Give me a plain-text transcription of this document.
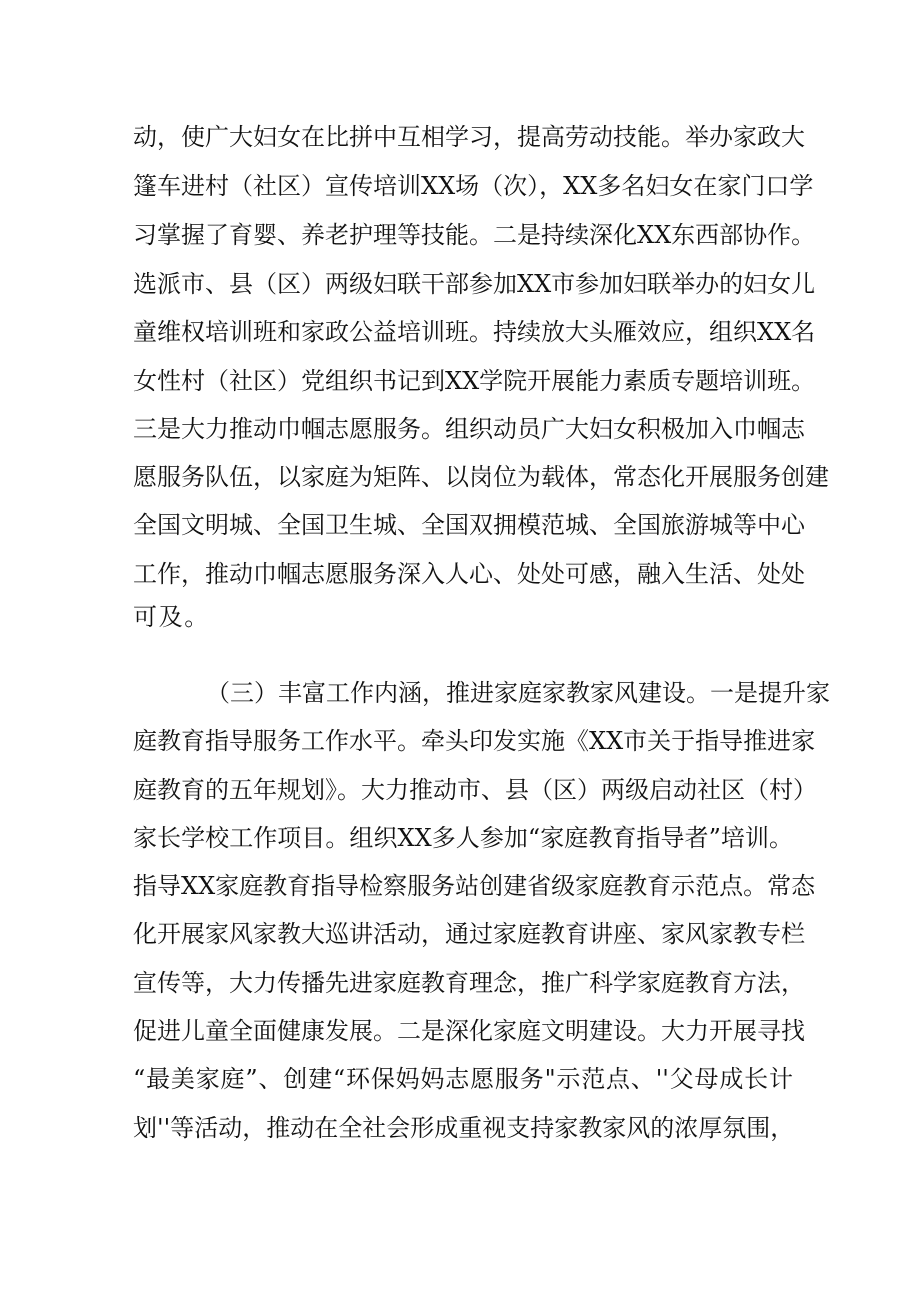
动，使广大妇女在比拼中互相学习，提高劳动技能。举办家政大
篷车进村（社区）宣传培训XX场（次），XX多名妇女在家门口学
习掌握了育婴、养老护理等技能。二是持续深化XX东西部协作。
选派市、县（区）两级妇联干部参加XX市参加妇联举办的妇女儿
童维权培训班和家政公益培训班。持续放大头雁效应，组织XX名
女性村（社区）党组织书记到XX学院开展能力素质专题培训班。
三是大力推动巾帼志愿服务。组织动员广大妇女积极加入巾帼志
愿服务队伍，以家庭为矩阵、以岗位为载体，常态化开展服务创建
全国文明城、全国卫生城、全国双拥模范城、全国旅游城等中心
工作，推动巾帼志愿服务深入人心、处处可感，融入生活、处处
可及。
（三）丰富工作内涵，推进家庭家教家风建设。一是提升家
庭教育指导服务工作水平。牵头印发实施《XX市关于指导推进家
庭教育的五年规划》。大力推动市、县（区）两级启动社区（村）
家长学校工作项目。组织XX多人参加“家庭教育指导者”培训。
指导XX家庭教育指导检察服务站创建省级家庭教育示范点。常态
化开展家风家教大巡讲活动，通过家庭教育讲座、家风家教专栏
宣传等，大力传播先进家庭教育理念，推广科学家庭教育方法，
促进儿童全面健康发展。二是深化家庭文明建设。大力开展寻找
“最美家庭”、创建“环保妈妈志愿服务"示范点、''父母成长计
划''等活动，推动在全社会形成重视支持家教家风的浓厚氛围，
